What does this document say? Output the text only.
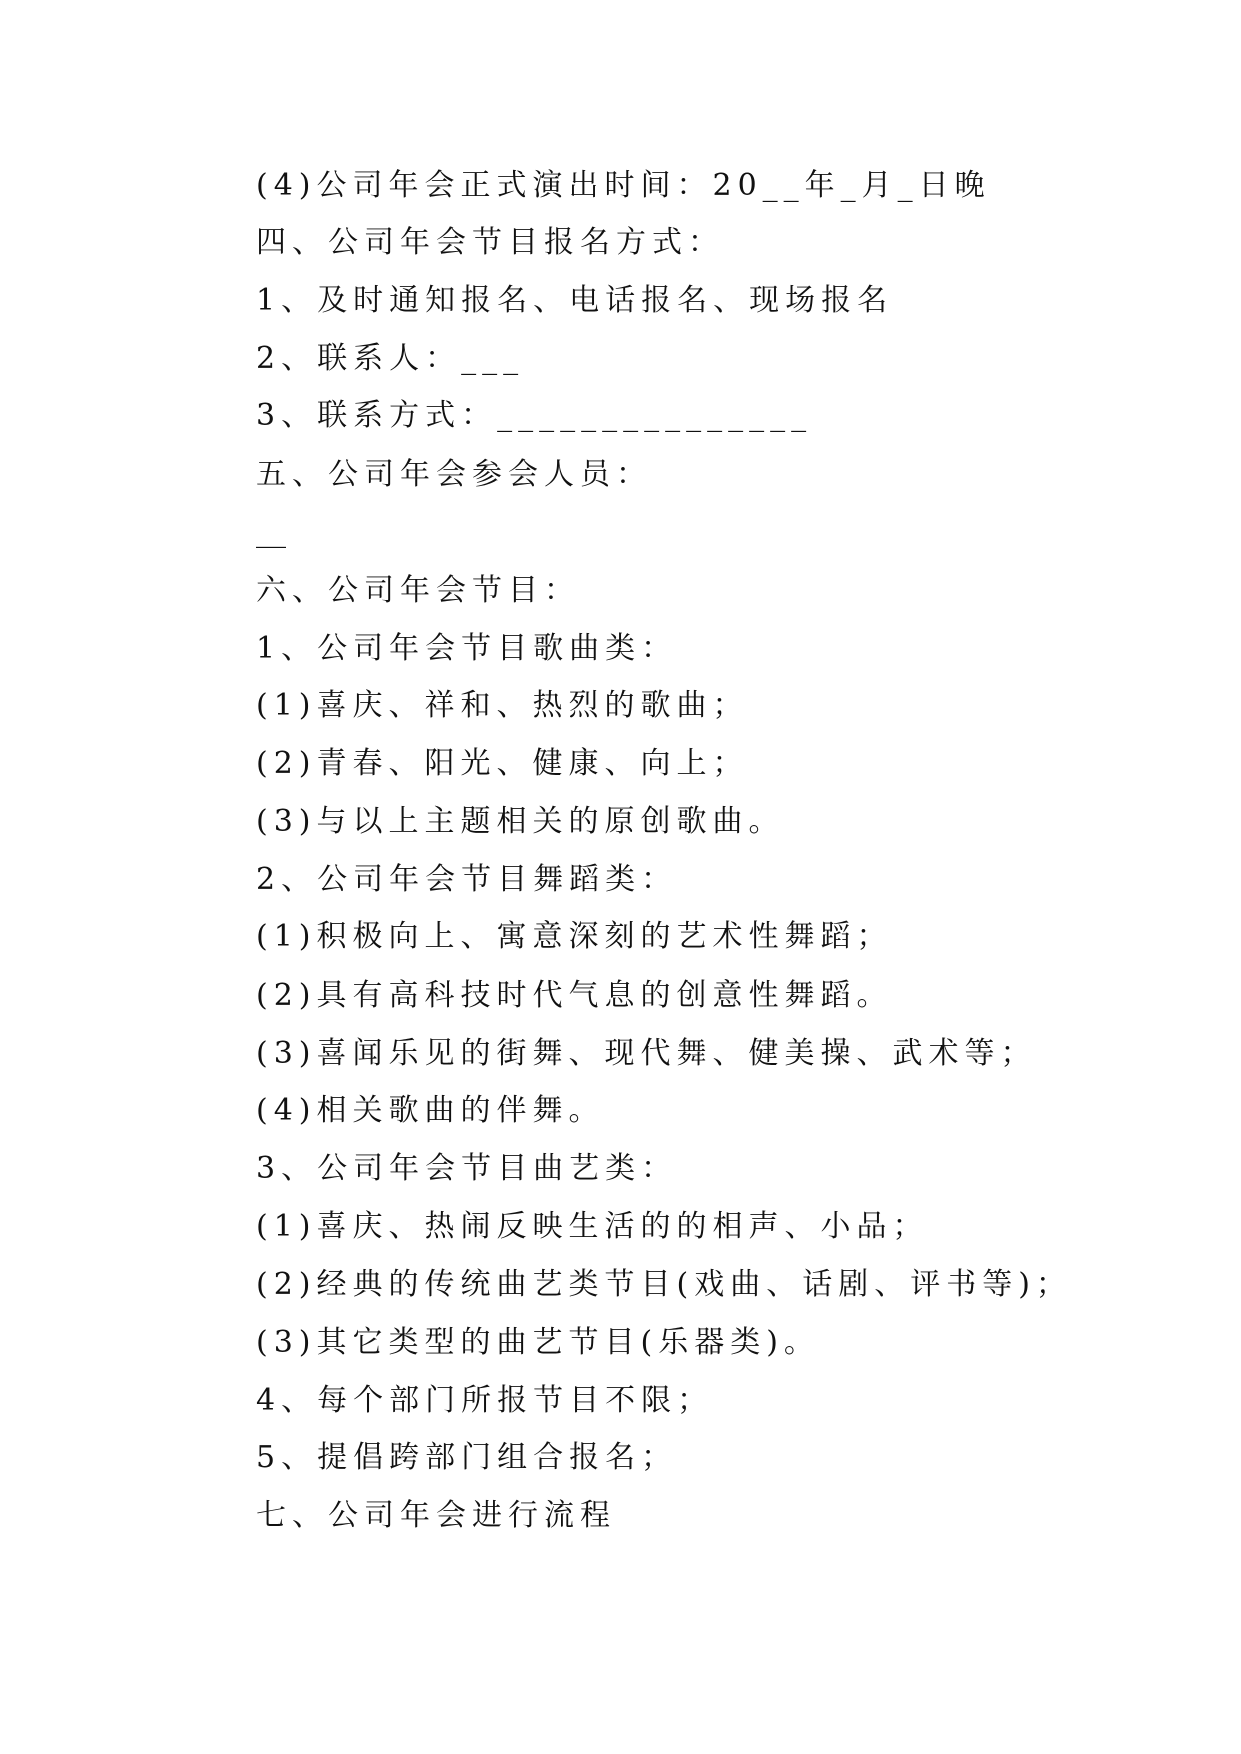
(4)公司年会正式演出时间：20__年_月_日晚
四、公司年会节目报名方式：
1、及时通知报名、电话报名、现场报名
2、联系人：___
3、联系方式：_______________
五、公司年会参会人员：
__
六、公司年会节目：
1、公司年会节目歌曲类：
(1)喜庆、祥和、热烈的歌曲；
(2)青春、阳光、健康、向上；
(3)与以上主题相关的原创歌曲。
2、公司年会节目舞蹈类：
(1)积极向上、寓意深刻的艺术性舞蹈；
(2)具有高科技时代气息的创意性舞蹈。
(3)喜闻乐见的街舞、现代舞、健美操、武术等；
(4)相关歌曲的伴舞。
3、公司年会节目曲艺类：
(1)喜庆、热闹反映生活的的相声、小品；
(2)经典的传统曲艺类节目(戏曲、话剧、评书等)；
(3)其它类型的曲艺节目(乐器类)。
4、每个部门所报节目不限；
5、提倡跨部门组合报名；
七、公司年会进行流程
